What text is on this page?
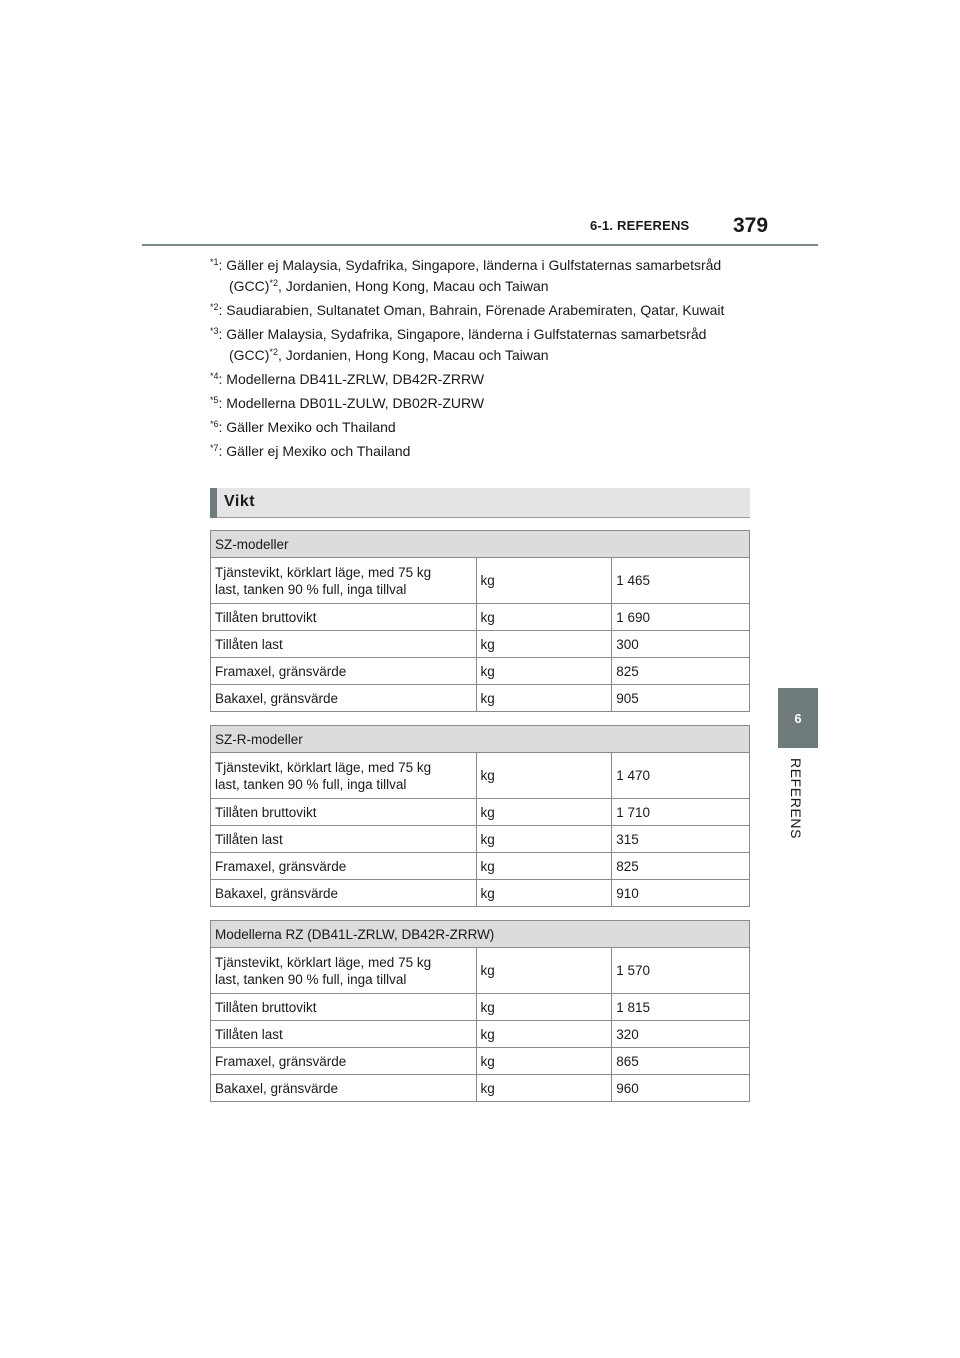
6-1. REFERENS 379
6
REFERENS

$^{*1}$: Gäller ej Malaysia, Sydafrika, Singapore, länderna i Gulfstaternas samarbetsråd
(GCC)$^{*2}$, Jordanien, Hong Kong, Macau och Taiwan

$^{*2}$: Saudiarabien, Sultanatet Oman, Bahrain, Förenade Arabemiraten, Qatar, Kuwait

$^{*3}$: Gäller Malaysia, Sydafrika, Singapore, länderna i Gulfstaternas samarbetsråd
(GCC)$^{*2}$, Jordanien, Hong Kong, Macau och Taiwan

$^{*4}$: Modellerna DB41L-ZRLW, DB42R-ZRRW

$^{*5}$: Modellerna DB01L-ZULW, DB02R-ZURW

$^{*6}$: Gäller Mexiko och Thailand

$^{*7}$: Gäller ej Mexiko och Thailand

Vikt
SZ-modeller		
Tjänstevikt, körklart läge, med 75 kg
last, tanken 90 % full, inga tillval	kg	1 465
Tillåten bruttovikt	kg	1 690
Tillåten last	kg	300
Framaxel, gränsvärde	kg	825
Bakaxel, gränsvärde	kg	905
SZ-R-modeller		
Tjänstevikt, körklart läge, med 75 kg
last, tanken 90 % full, inga tillval	kg	1 470
Tillåten bruttovikt	kg	1 710
Tillåten last	kg	315
Framaxel, gränsvärde	kg	825
Bakaxel, gränsvärde	kg	910
Modellerna RZ (DB41L-ZRLW, DB42R-ZRRW)		
Tjänstevikt, körklart läge, med 75 kg
last, tanken 90 % full, inga tillval	kg	1 570
Tillåten bruttovikt	kg	1 815
Tillåten last	kg	320
Framaxel, gränsvärde	kg	865
Bakaxel, gränsvärde	kg	960
